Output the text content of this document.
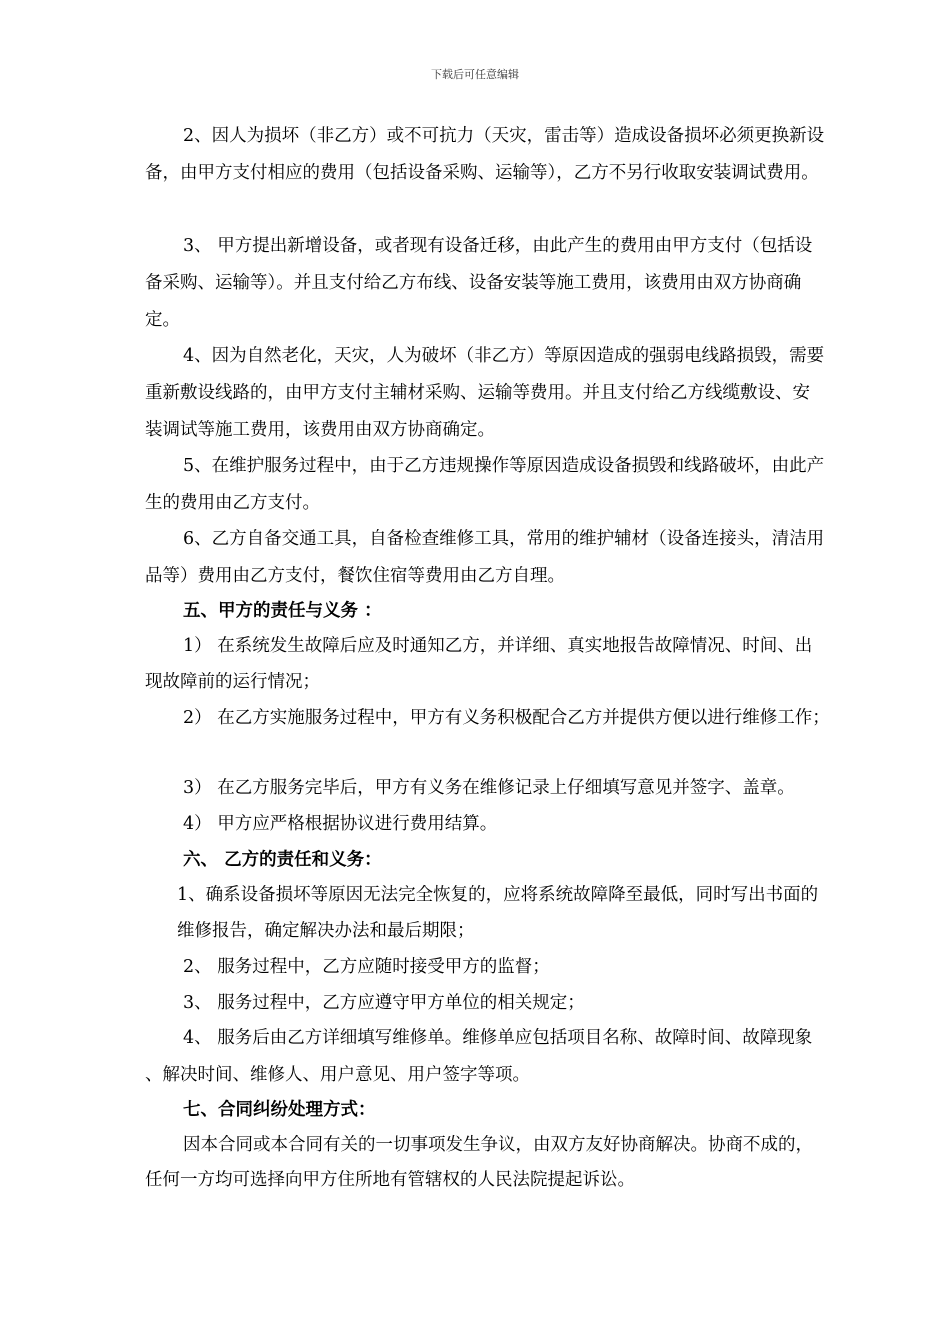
下载后可任意编辑
2、因人为损坏（非乙方）或不可抗力（天灾，雷击等）造成设备损坏必须更换新设
备，由甲方支付相应的费用（包括设备采购、运输等），乙方不另行收取安装调试费用。
3、 甲方提出新增设备，或者现有设备迁移，由此产生的费用由甲方支付（包括设
备采购、运输等）。并且支付给乙方布线、设备安装等施工费用，该费用由双方协商确
定。
4、因为自然老化，天灾，人为破坏（非乙方）等原因造成的强弱电线路损毁，需要
重新敷设线路的，由甲方支付主辅材采购、运输等费用。并且支付给乙方线缆敷设、安
装调试等施工费用，该费用由双方协商确定。
5、在维护服务过程中，由于乙方违规操作等原因造成设备损毁和线路破坏，由此产
生的费用由乙方支付。
6、乙方自备交通工具，自备检查维修工具，常用的维护辅材（设备连接头，清洁用
品等）费用由乙方支付，餐饮住宿等费用由乙方自理。
五、甲方的责任与义务 ：
1） 在系统发生故障后应及时通知乙方，并详细、真实地报告故障情况、时间、出
现故障前的运行情况；
2） 在乙方实施服务过程中，甲方有义务积极配合乙方并提供方便以进行维修工作；
3） 在乙方服务完毕后，甲方有义务在维修记录上仔细填写意见并签字、盖章。
4） 甲方应严格根据协议进行费用结算。
六、 乙方的责任和义务：
1、确系设备损坏等原因无法完全恢复的，应将系统故障降至最低，同时写出书面的
维修报告，确定解决办法和最后期限；
2、 服务过程中，乙方应随时接受甲方的监督；
3、 服务过程中，乙方应遵守甲方单位的相关规定；
4、 服务后由乙方详细填写维修单。维修单应包括项目名称、故障时间、故障现象
、解决时间、维修人、用户意见、用户签字等项。
七、合同纠纷处理方式：
因本合同或本合同有关的一切事项发生争议，由双方友好协商解决。协商不成的，
任何一方均可选择向甲方住所地有管辖权的人民法院提起诉讼。
